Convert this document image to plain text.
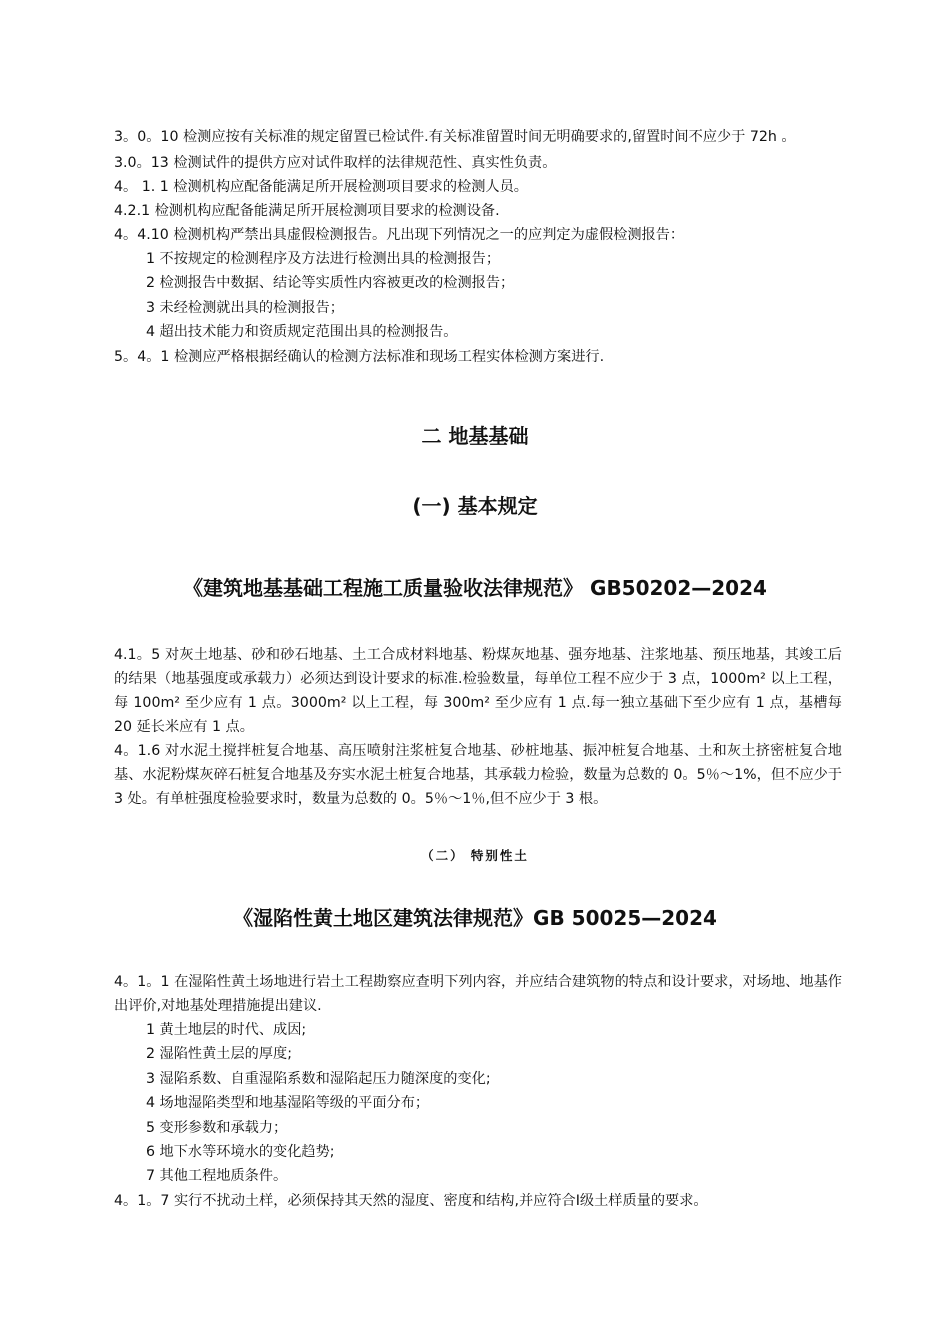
3。0。10 检测应按有关标准的规定留置已检试件.有关标准留置时间无明确要求的,留置时间不应少于 72h 。

3.0。13 检测试件的提供方应对试件取样的法律规范性、真实性负责。

4。 1. 1 检测机构应配备能满足所开展检测项目要求的检测人员。

4.2.1 检测机构应配备能满足所开展检测项目要求的检测设备.

4。4.10 检测机构严禁出具虚假检测报告。凡出现下列情况之一的应判定为虚假检测报告：

1 不按规定的检测程序及方法进行检测出具的检测报告；

2 检测报告中数据、结论等实质性内容被更改的检测报告；

3 未经检测就出具的检测报告；

4 超出技术能力和资质规定范围出具的检测报告。

5。4。1 检测应严格根据经确认的检测方法标准和现场工程实体检测方案进行.

二 地基基础
(一) 基本规定
《建筑地基基础工程施工质量验收法律规范》 GB50202—2024

4.1。5 对灰土地基、砂和砂石地基、土工合成材料地基、粉煤灰地基、强夯地基、注浆地基、预压地基，其竣工后的结果（地基强度或承载力）必须达到设计要求的标准.检验数量，每单位工程不应少于 3 点，1000m² 以上工程，每 100m² 至少应有 1 点。3000m² 以上工程，每 300m² 至少应有 1 点.每一独立基础下至少应有 1 点，基槽每 20 延长米应有 1 点。

4。1.6 对水泥土搅拌桩复合地基、高压喷射注浆桩复合地基、砂桩地基、振冲桩复合地基、土和灰土挤密桩复合地基、水泥粉煤灰碎石桩复合地基及夯实水泥土桩复合地基，其承载力检验，数量为总数的 0。5％～1%，但不应少于 3 处。有单桩强度检验要求时，数量为总数的 0。5％～1％,但不应少于 3 根。

（二） 特别性土
《湿陷性黄土地区建筑法律规范》GB 50025—2024

4。1。1 在湿陷性黄土场地进行岩土工程勘察应查明下列内容，并应结合建筑物的特点和设计要求，对场地、地基作出评价,对地基处理措施提出建议.

1 黄土地层的时代、成因;

2 湿陷性黄土层的厚度;

3 湿陷系数、自重湿陷系数和湿陷起压力随深度的变化;

4 场地湿陷类型和地基湿陷等级的平面分布；

5 变形参数和承载力；

6 地下水等环境水的变化趋势;

7 其他工程地质条件。

4。1。7 实行不扰动土样，必须保持其天然的湿度、密度和结构,并应符合Ⅰ级土样质量的要求。
